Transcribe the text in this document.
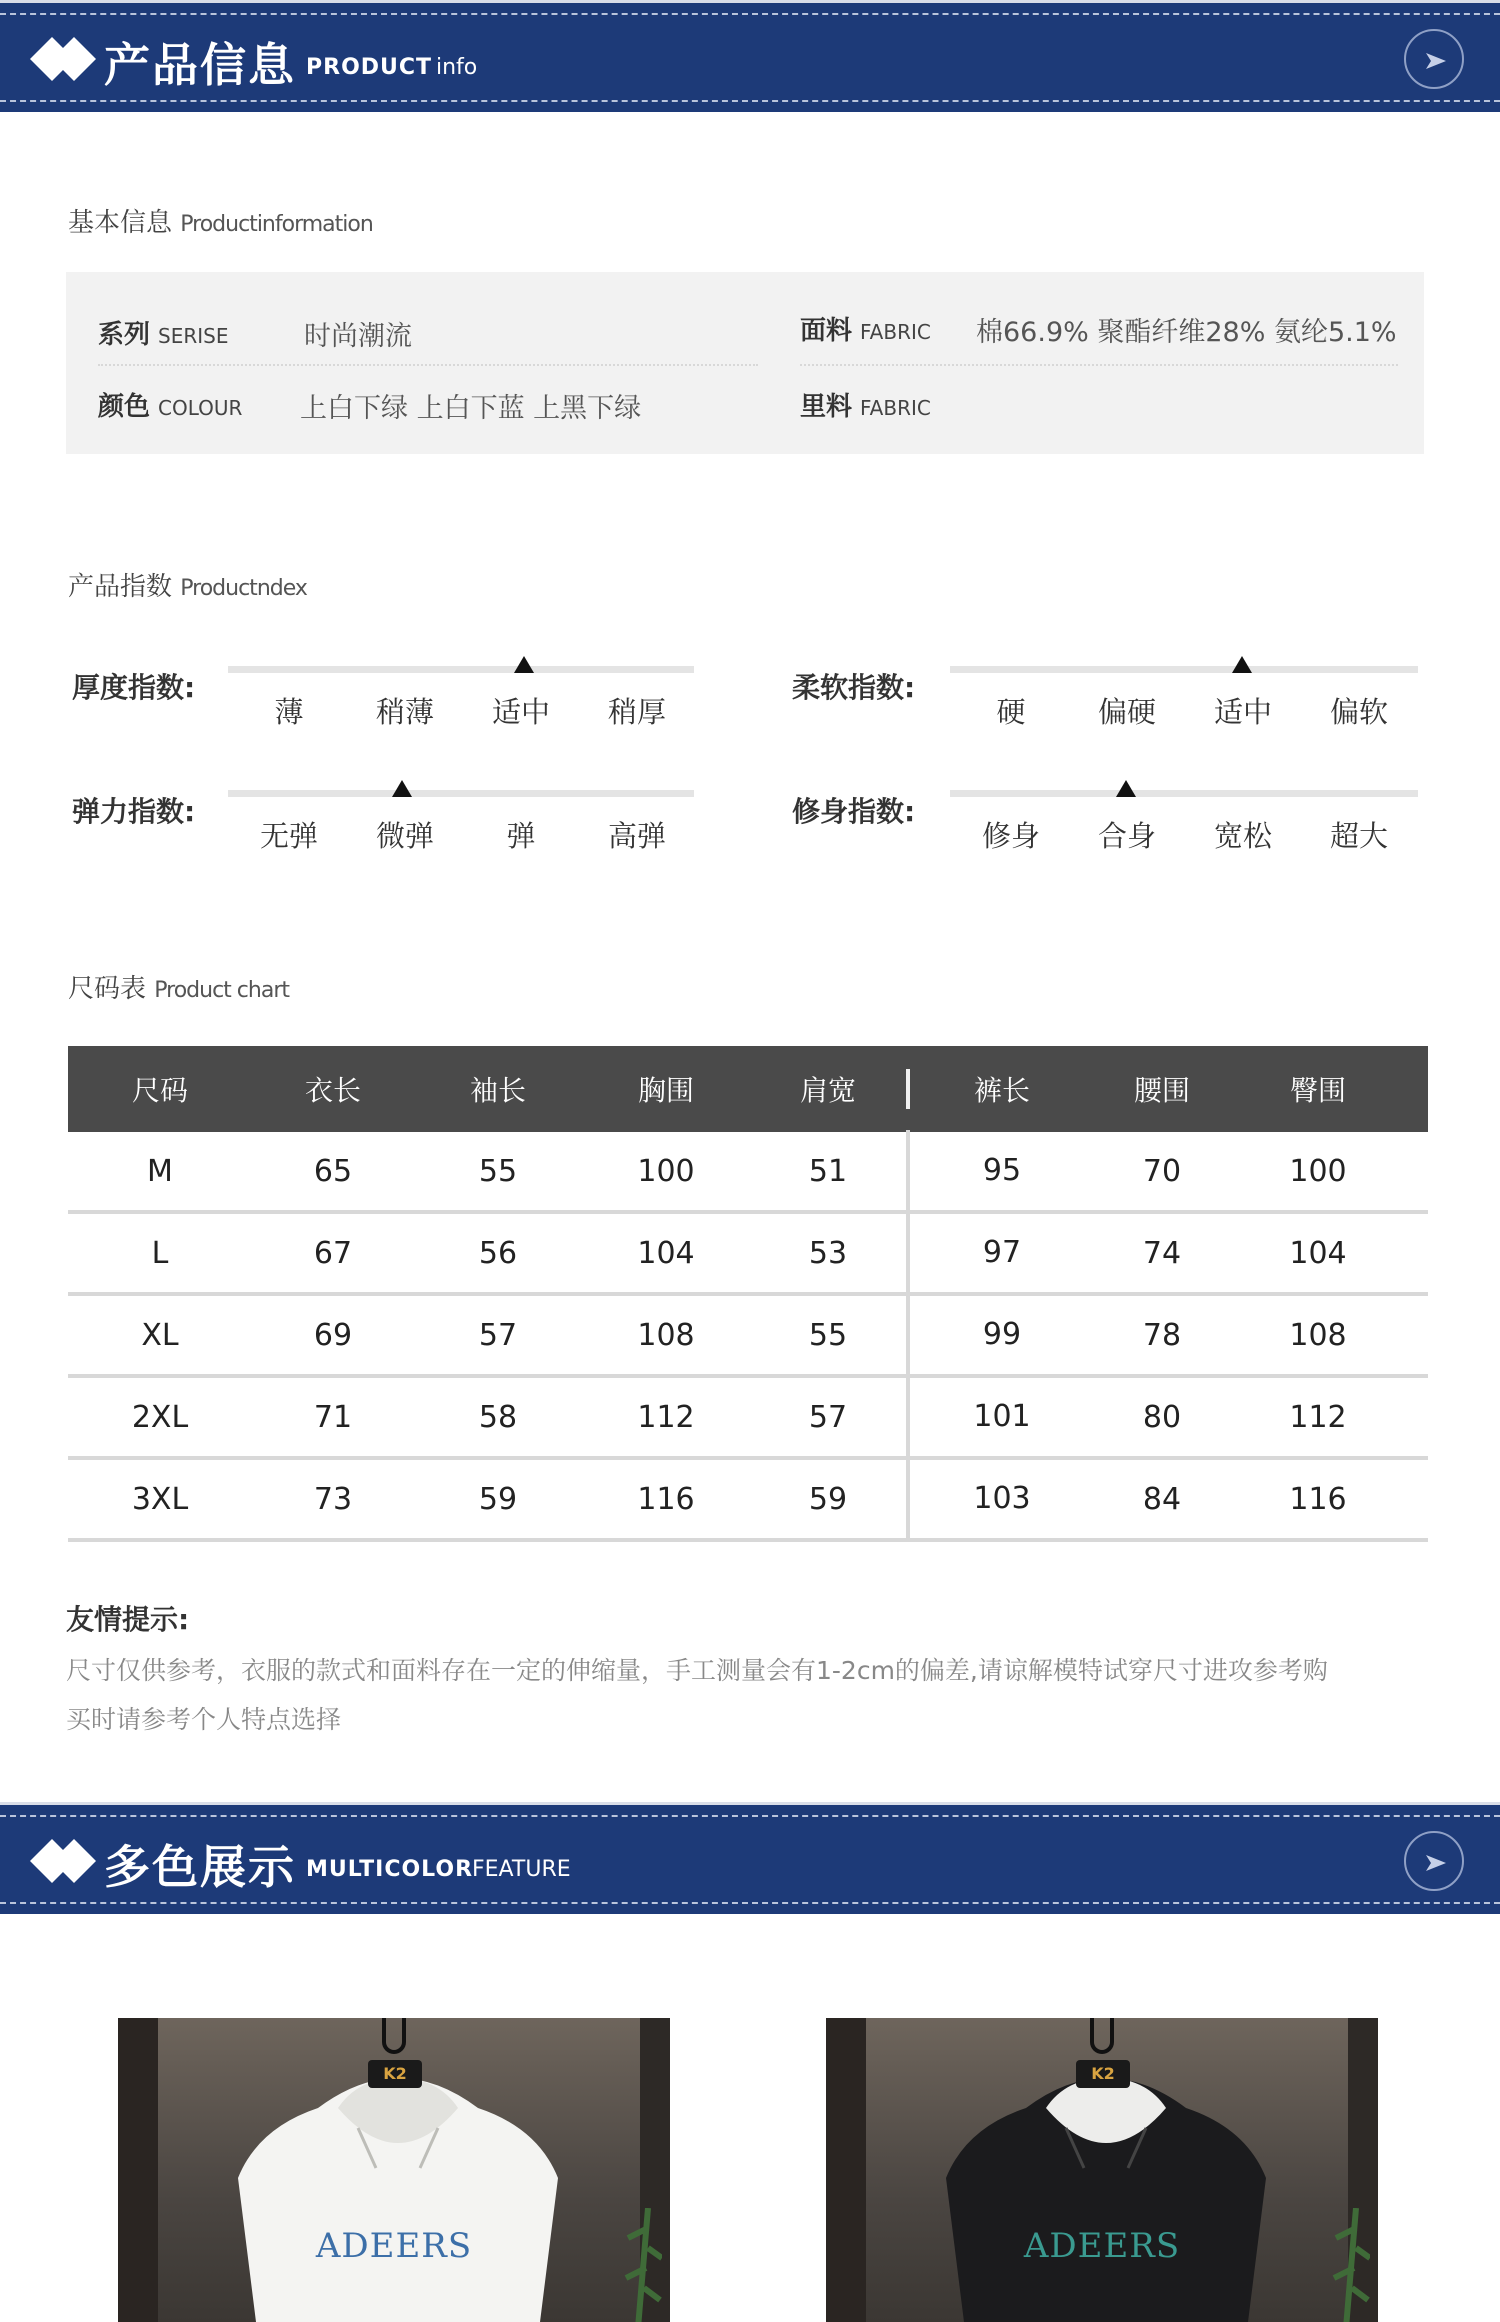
产品信息 PRODUCT info
基本信息 Productinformation
系列 SERISE	时尚潮流
颜色 COLOUR 上白下绿 上白下蓝 上黑下绿
面料 FABRIC 棉66.9% 聚酯纤维28% 氨纶5.1%
里料 FABRIC
产品指数 Productndex
厚度指数:
薄	稍薄	适中	稍厚
柔软指数:
硬	偏硬	适中	偏软
弹力指数:
无弹	微弹	弹	高弹
修身指数:
修身	合身	宽松	超大
尺码表 Product chart
尺码	衣长	袖长	胸围	肩宽	裤长	腰围	臀围
M	65	55	100	51	95	70	100
L	67	56	104	53	97	74	104
XL	69	57	108	55	99	78	108
2XL	71	58	112	57	101	80	112
3XL	73	59	116	59	103	84	116
友情提示:
尺寸仅供参考，衣服的款式和面料存在一定的伸缩量，手工测量会有1-2cm的偏差,请谅解模特试穿尺寸进攻参考购
买时请参考个人特点选择
多色展示 MULTICOLOR
FEATURE
K2
ADEERS
K2
ADEERS
